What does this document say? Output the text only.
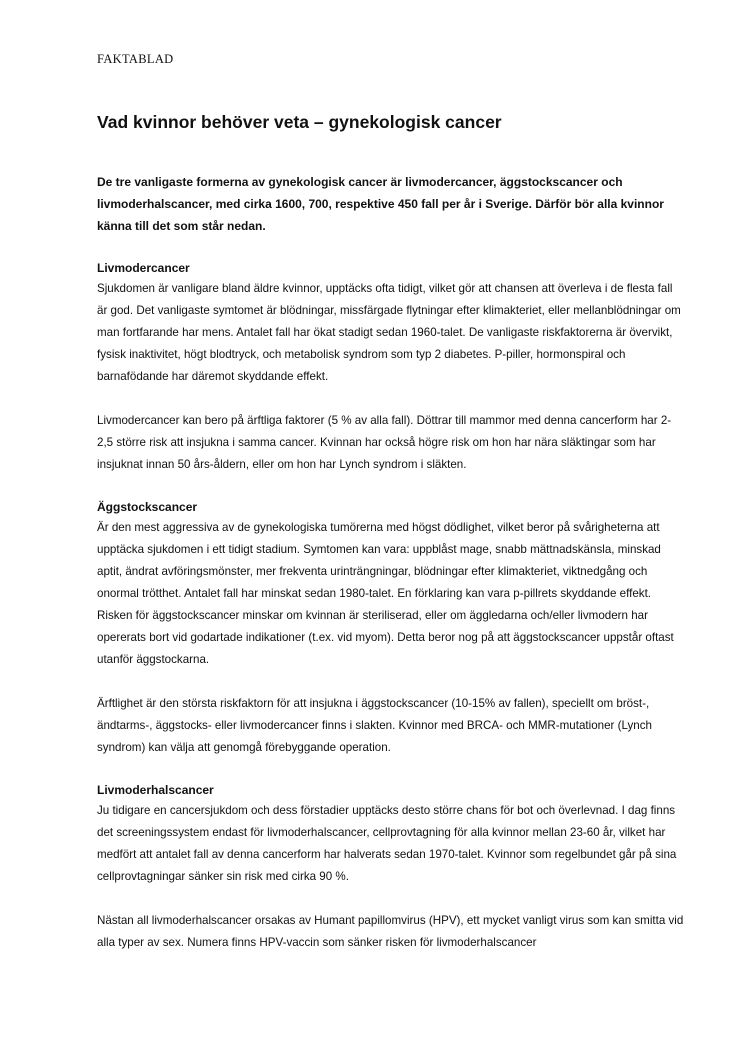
FAKTABLAD
Vad kvinnor behöver veta – gynekologisk cancer

De tre vanligaste formerna av gynekologisk cancer är livmodercancer, äggstockscancer och livmoderhalscancer, med cirka 1600, 700, respektive 450 fall per år i Sverige. Därför bör alla kvinnor känna till det som står nedan.

Livmodercancer

Sjukdomen är vanligare bland äldre kvinnor, upptäcks ofta tidigt, vilket gör att chansen att överleva i de flesta fall är god. Det vanligaste symtomet är blödningar, missfärgade flytningar efter klimakteriet, eller mellanblödningar om man fortfarande har mens. Antalet fall har ökat stadigt sedan 1960-talet. De vanligaste riskfaktorerna är övervikt, fysisk inaktivitet, högt blodtryck, och metabolisk syndrom som typ 2 diabetes. P-piller, hormonspiral och barnafödande har däremot skyddande effekt.

Livmodercancer kan bero på ärftliga faktorer (5 % av alla fall). Döttrar till mammor med denna cancerform har 2-2,5 större risk att insjukna i samma cancer. Kvinnan har också högre risk om hon har nära släktingar som har insjuknat innan 50 års-åldern, eller om hon har Lynch syndrom i släkten.

Äggstockscancer

Är den mest aggressiva av de gynekologiska tumörerna med högst dödlighet, vilket beror på svårigheterna att upptäcka sjukdomen i ett tidigt stadium. Symtomen kan vara: uppblåst mage, snabb mättnadskänsla, minskad aptit, ändrat avföringsmönster, mer frekventa urinträngningar, blödningar efter klimakteriet, viktnedgång och onormal trötthet. Antalet fall har minskat sedan 1980-talet. En förklaring kan vara p-pillrets skyddande effekt. Risken för äggstockscancer minskar om kvinnan är steriliserad, eller om äggledarna och/eller livmodern har opererats bort vid godartade indikationer (t.ex. vid myom). Detta beror nog på att äggstockscancer uppstår oftast utanför äggstockarna.

Ärftlighet är den största riskfaktorn för att insjukna i äggstockscancer (10-15% av fallen), speciellt om bröst-, ändtarms-, äggstocks- eller livmodercancer finns i slakten. Kvinnor med BRCA- och MMR-mutationer (Lynch syndrom) kan välja att genomgå förebyggande operation.

Livmoderhalscancer

Ju tidigare en cancersjukdom och dess förstadier upptäcks desto större chans för bot och överlevnad. I dag finns det screeningssystem endast för livmoderhalscancer, cellprovtagning för alla kvinnor mellan 23-60 år, vilket har medfört att antalet fall av denna cancerform har halverats sedan 1970-talet. Kvinnor som regelbundet går på sina cellprovtagningar sänker sin risk med cirka 90 %.

Nästan all livmoderhalscancer orsakas av Humant papillomvirus (HPV), ett mycket vanligt virus som kan smitta vid alla typer av sex. Numera finns HPV-vaccin som sänker risken för livmoderhalscancer
